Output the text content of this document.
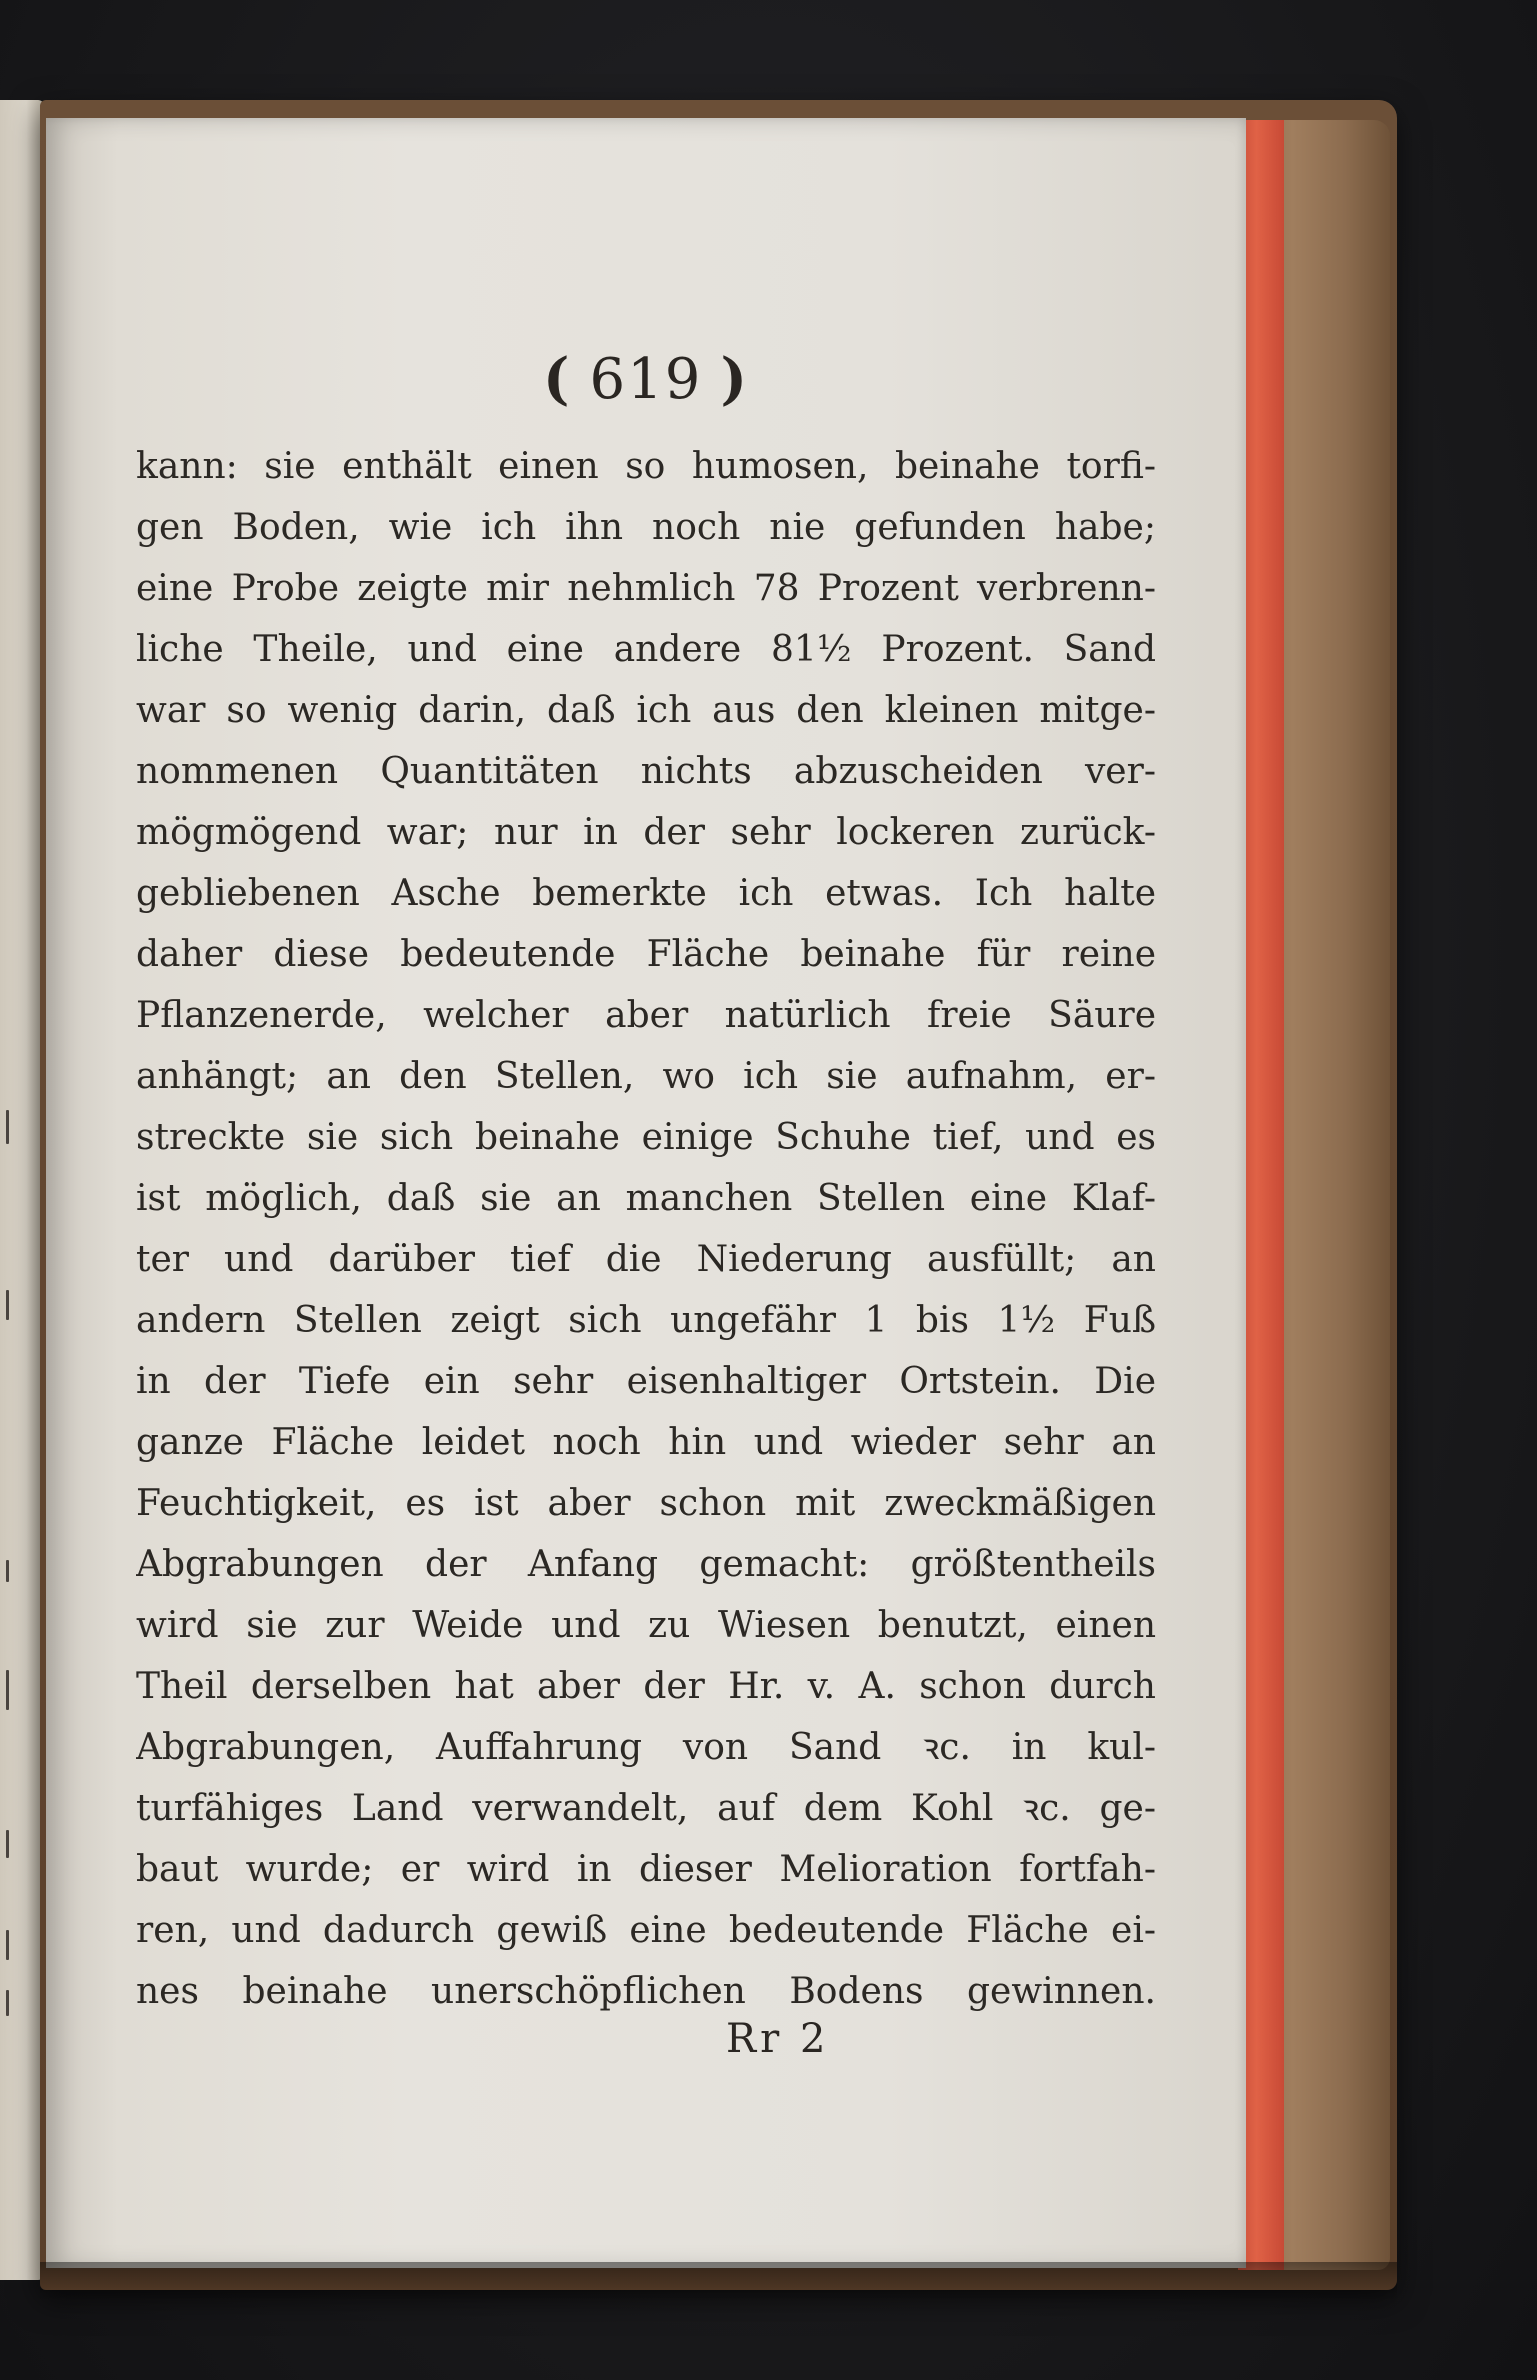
( 619 )
kann: sie enthält einen so humosen, beinahe torfi-
gen Boden, wie ich ihn noch nie gefunden habe;
eine Probe zeigte mir nehmlich 78 Prozent verbrenn-
liche Theile, und eine andere 81½ Prozent. Sand
war so wenig darin, daß ich aus den kleinen mitge-
nommenen Quantitäten nichts abzuscheiden ver-
mögmögend war; nur in der sehr lockeren zurück-
gebliebenen Asche bemerkte ich etwas. Ich halte
daher diese bedeutende Fläche beinahe für reine
Pflanzenerde, welcher aber natürlich freie Säure
anhängt; an den Stellen, wo ich sie aufnahm, er-
streckte sie sich beinahe einige Schuhe tief, und es
ist möglich, daß sie an manchen Stellen eine Klaf-
ter und darüber tief die Niederung ausfüllt; an
andern Stellen zeigt sich ungefähr 1 bis 1½ Fuß
in der Tiefe ein sehr eisenhaltiger Ortstein. Die
ganze Fläche leidet noch hin und wieder sehr an
Feuchtigkeit, es ist aber schon mit zweckmäßigen
Abgrabungen der Anfang gemacht: größtentheils
wird sie zur Weide und zu Wiesen benutzt, einen
Theil derselben hat aber der Hr. v. A. schon durch
Abgrabungen, Auffahrung von Sand ꝛc. in kul-
turfähiges Land verwandelt, auf dem Kohl ꝛc. ge-
baut wurde; er wird in dieser Melioration fortfah-
ren, und dadurch gewiß eine bedeutende Fläche ei-
nes beinahe unerschöpflichen Bodens gewinnen.
Rr 2
